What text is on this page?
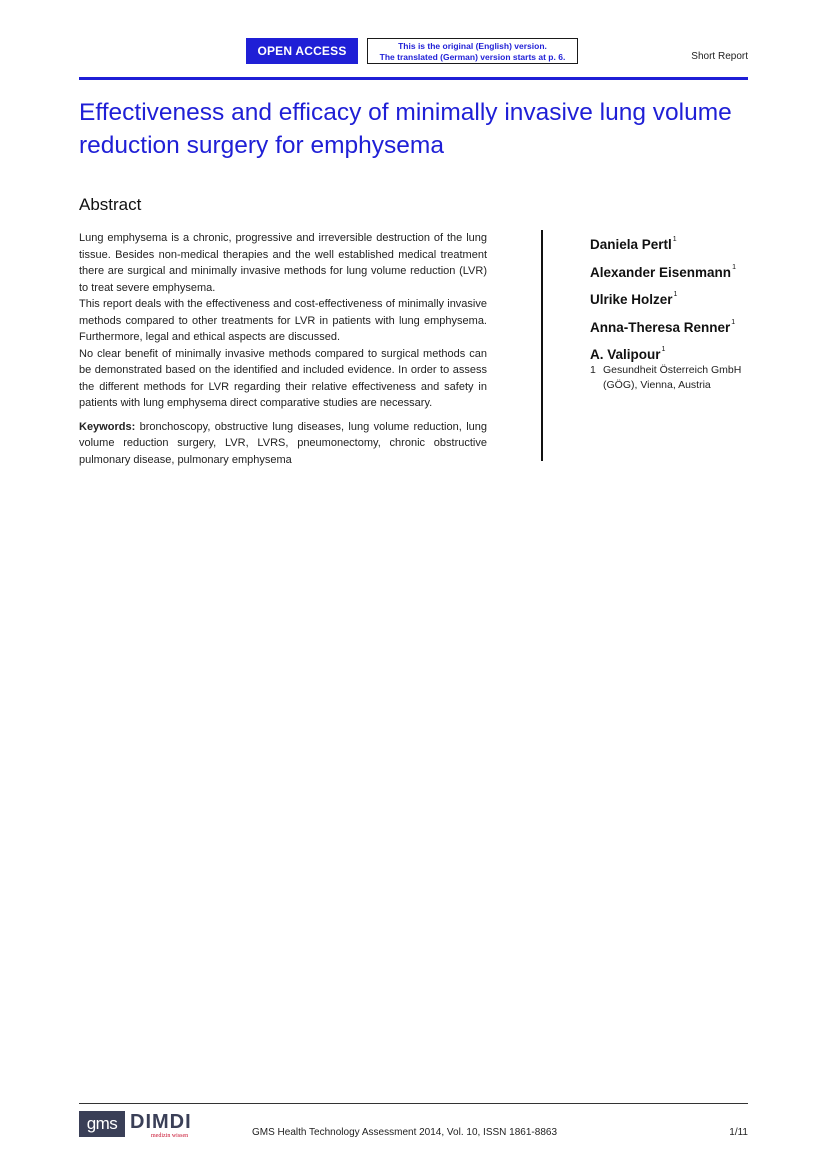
OPEN ACCESS	This is the original (English) version.
The translated (German) version starts at p. 6.	Short Report
Effectiveness and efficacy of minimally invasive lung volume reduction surgery for emphysema
Abstract

Lung emphysema is a chronic, progressive and irreversible destruction of the lung tissue. Besides non-medical therapies and the well established medical treatment there are surgical and minimally invasive methods for lung volume reduction (LVR) to treat severe emphysema.

This report deals with the effectiveness and cost-effectiveness of minimally invasive methods compared to other treatments for LVR in patients with lung emphysema. Furthermore, legal and ethical aspects are discussed.

No clear benefit of minimally invasive methods compared to surgical methods can be demonstrated based on the identified and included evidence. In order to assess the different methods for LVR regarding their relative effectiveness and safety in patients with lung emphysema direct comparative studies are necessary.

Keywords: bronchoscopy, obstructive lung diseases, lung volume reduction, lung volume reduction surgery, LVR, LVRS, pneumonectomy, chronic obstructive pulmonary disease, pulmonary emphysema

Daniela Pertl$^1$
Alexander Eisenmann$^1$
Ulrike Holzer$^1$
Anna-Theresa Renner$^1$
A. Valipour$^1$
1 Gesundheit Österreich GmbH (GÖG), Vienna, Austria
gms DIMDI
medizin wissen	GMS Health Technology Assessment 2014, Vol. 10, ISSN 1861-8863	1/11
